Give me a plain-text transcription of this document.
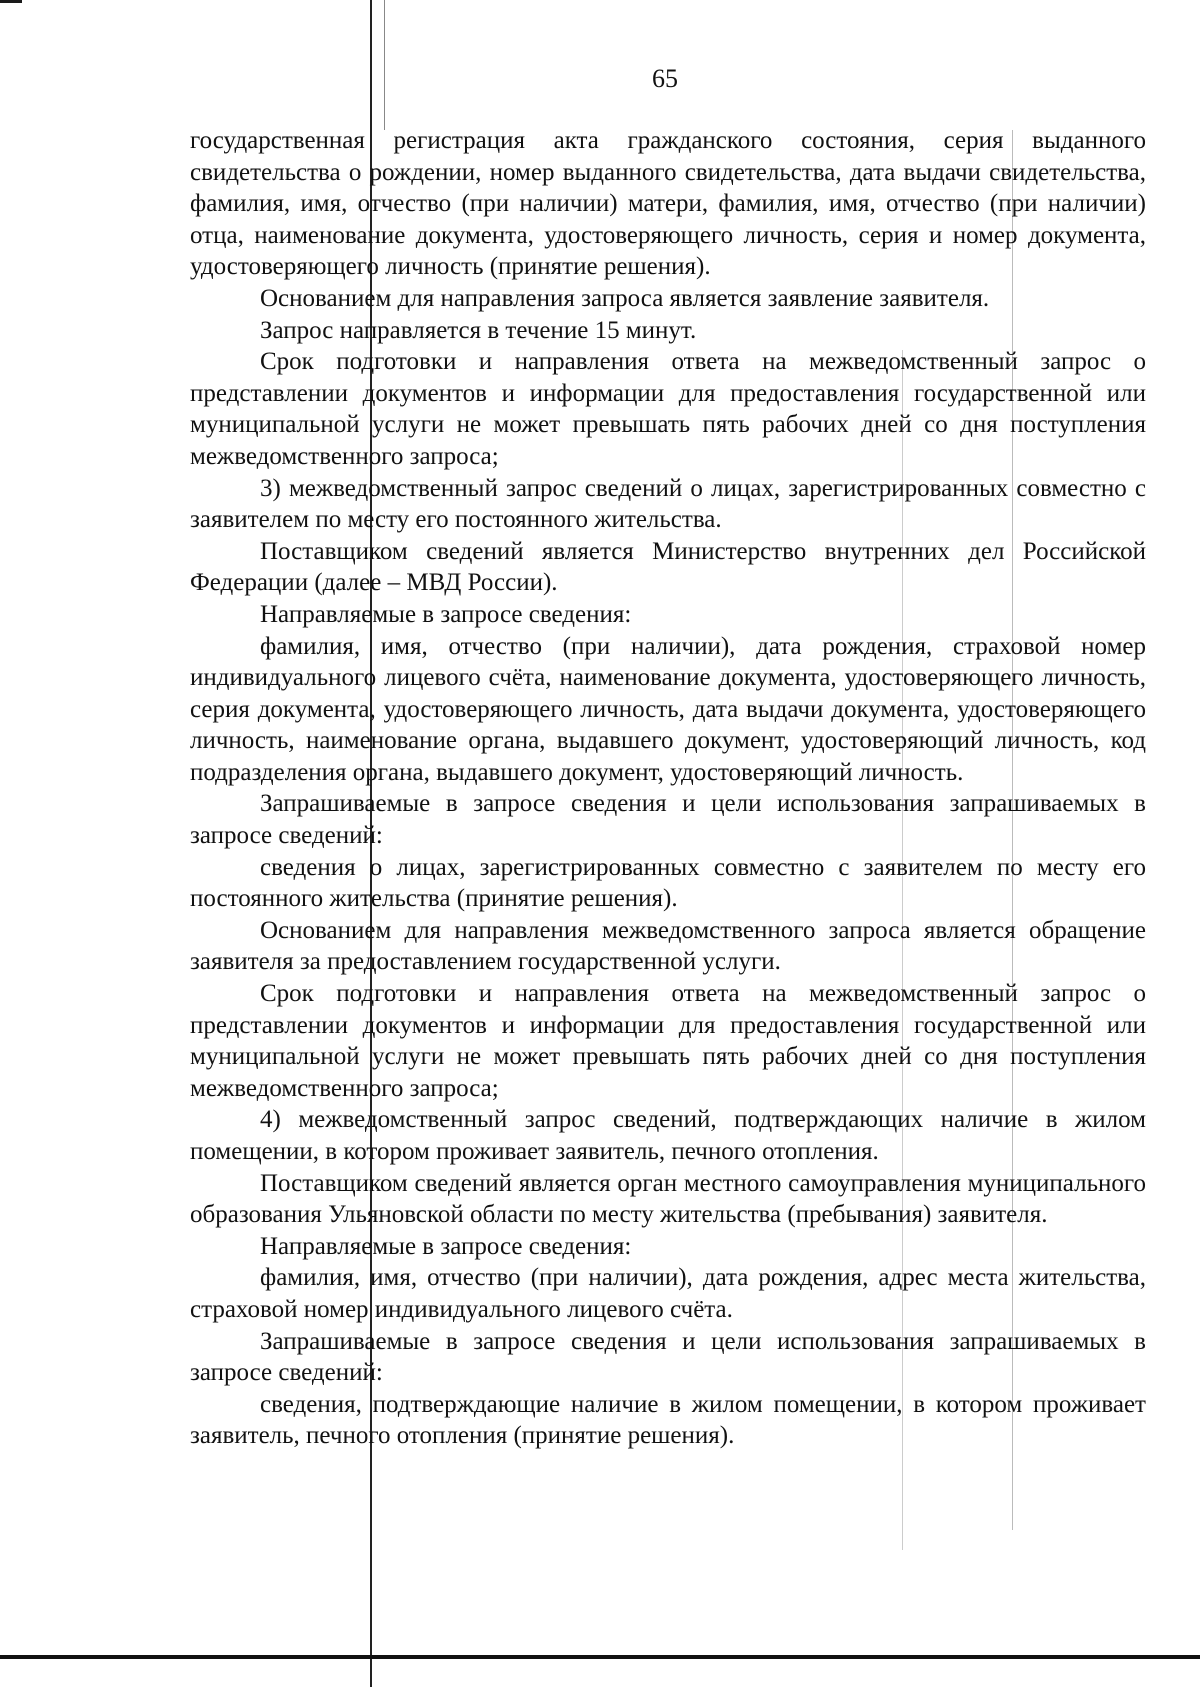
65

государственная регистрация акта гражданского состояния, серия выданного свидетельства о рождении, номер выданного свидетельства, дата выдачи свидетельства, фамилия, имя, отчество (при наличии) матери, фамилия, имя, отчество (при наличии) отца, наименование документа, удостоверяющего личность, серия и номер документа, удостоверяющего личность (принятие решения).

Основанием для направления запроса является заявление заявителя.

Запрос направляется в течение 15 минут.

Срок подготовки и направления ответа на межведомственный запрос о представлении документов и информации для предоставления государственной или муниципальной услуги не может превышать пять рабочих дней со дня поступления межведомственного запроса;

3) межведомственный запрос сведений о лицах, зарегистрированных совместно с заявителем по месту его постоянного жительства.

Поставщиком сведений является Министерство внутренних дел Российской Федерации (далее – МВД России).

Направляемые в запросе сведения:

фамилия, имя, отчество (при наличии), дата рождения, страховой номер индивидуального лицевого счёта, наименование документа, удостоверяющего личность, серия документа, удостоверяющего личность, дата выдачи документа, удостоверяющего личность, наименование органа, выдавшего документ, удостоверяющий личность, код подразделения органа, выдавшего документ, удостоверяющий личность.

Запрашиваемые в запросе сведения и цели использования запрашиваемых в запросе сведений:

сведения о лицах, зарегистрированных совместно с заявителем по месту его постоянного жительства (принятие решения).

Основанием для направления межведомственного запроса является обращение заявителя за предоставлением государственной услуги.

Срок подготовки и направления ответа на межведомственный запрос о представлении документов и информации для предоставления государственной или муниципальной услуги не может превышать пять рабочих дней со дня поступления межведомственного запроса;

4) межведомственный запрос сведений, подтверждающих наличие в жилом помещении, в котором проживает заявитель, печного отопления.

Поставщиком сведений является орган местного самоуправления муниципального образования Ульяновской области по месту жительства (пребывания) заявителя.

Направляемые в запросе сведения:

фамилия, имя, отчество (при наличии), дата рождения, адрес места жительства, страховой номер индивидуального лицевого счёта.

Запрашиваемые в запросе сведения и цели использования запрашиваемых в запросе сведений:

сведения, подтверждающие наличие в жилом помещении, в котором проживает заявитель, печного отопления (принятие решения).
